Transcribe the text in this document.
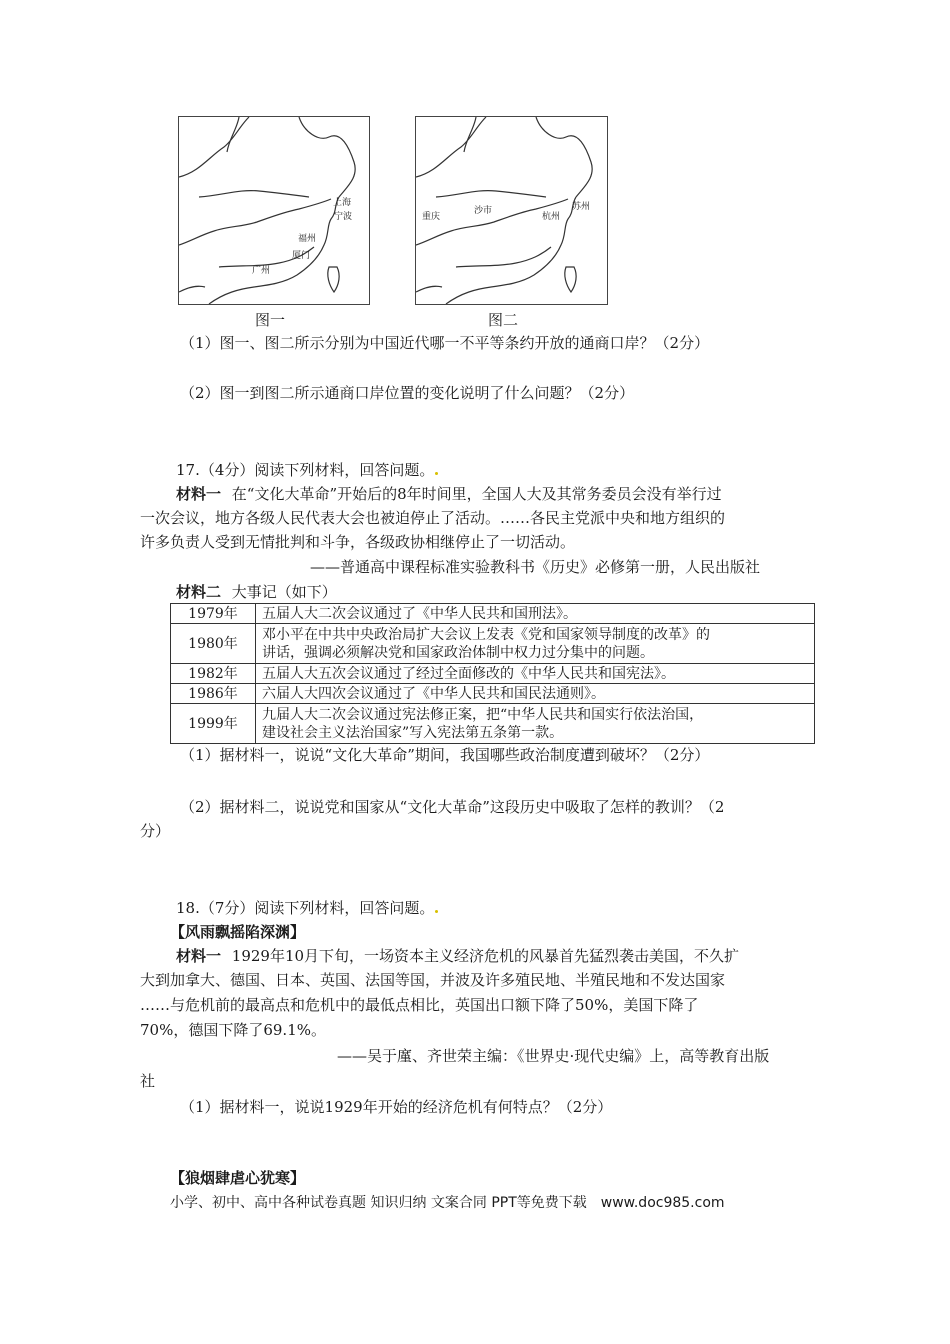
上海
宁波
福州
厦门
广州
图一
重庆
沙市
杭州
苏州
图二
（1）图一、图二所示分别为中国近代哪一不平等条约开放的通商口岸？（2分）
（2）图一到图二所示通商口岸位置的变化说明了什么问题？（2分）
17.（4分）阅读下列材料，回答问题。
材料一 在“文化大革命”开始后的8年时间里，全国人大及其常务委员会没有举行过
一次会议，地方各级人民代表大会也被迫停止了活动。……各民主党派中央和地方组织的
许多负责人受到无情批判和斗争，各级政协相继停止了一切活动。
——普通高中课程标准实验教科书《历史》必修第一册，人民出版社
材料二 大事记（如下）
1979年	五届人大二次会议通过了《中华人民共和国刑法》。
1980年	邓小平在中共中央政治局扩大会议上发表《党和国家领导制度的改革》的
讲话，强调必须解决党和国家政治体制中权力过分集中的问题。

1982年	五届人大五次会议通过了经过全面修改的《中华人民共和国宪法》。
1986年	六届人大四次会议通过了《中华人民共和国民法通则》。
1999年	九届人大二次会议通过宪法修正案，把“中华人民共和国实行依法治国，
建设社会主义法治国家”写入宪法第五条第一款。
（1）据材料一，说说“文化大革命”期间，我国哪些政治制度遭到破坏？（2分）
（2）据材料二，说说党和国家从“文化大革命”这段历史中吸取了怎样的教训？（2
分）
18.（7分）阅读下列材料，回答问题。
【风雨飘摇陷深渊】
材料一 1929年10月下旬，一场资本主义经济危机的风暴首先猛烈袭击美国，不久扩
大到加拿大、德国、日本、英国、法国等国，并波及许多殖民地、半殖民地和不发达国家
……与危机前的最高点和危机中的最低点相比，英国出口额下降了50%，美国下降了
70%，德国下降了69.1%。
——吴于廑、齐世荣主编：《世界史·现代史编》上，高等教育出版
社
（1）据材料一，说说1929年开始的经济危机有何特点？（2分）
【狼烟肆虐心犹寒】
小学、初中、高中各种试卷真题 知识归纳 文案合同 PPT等免费下载　www.doc985.com
